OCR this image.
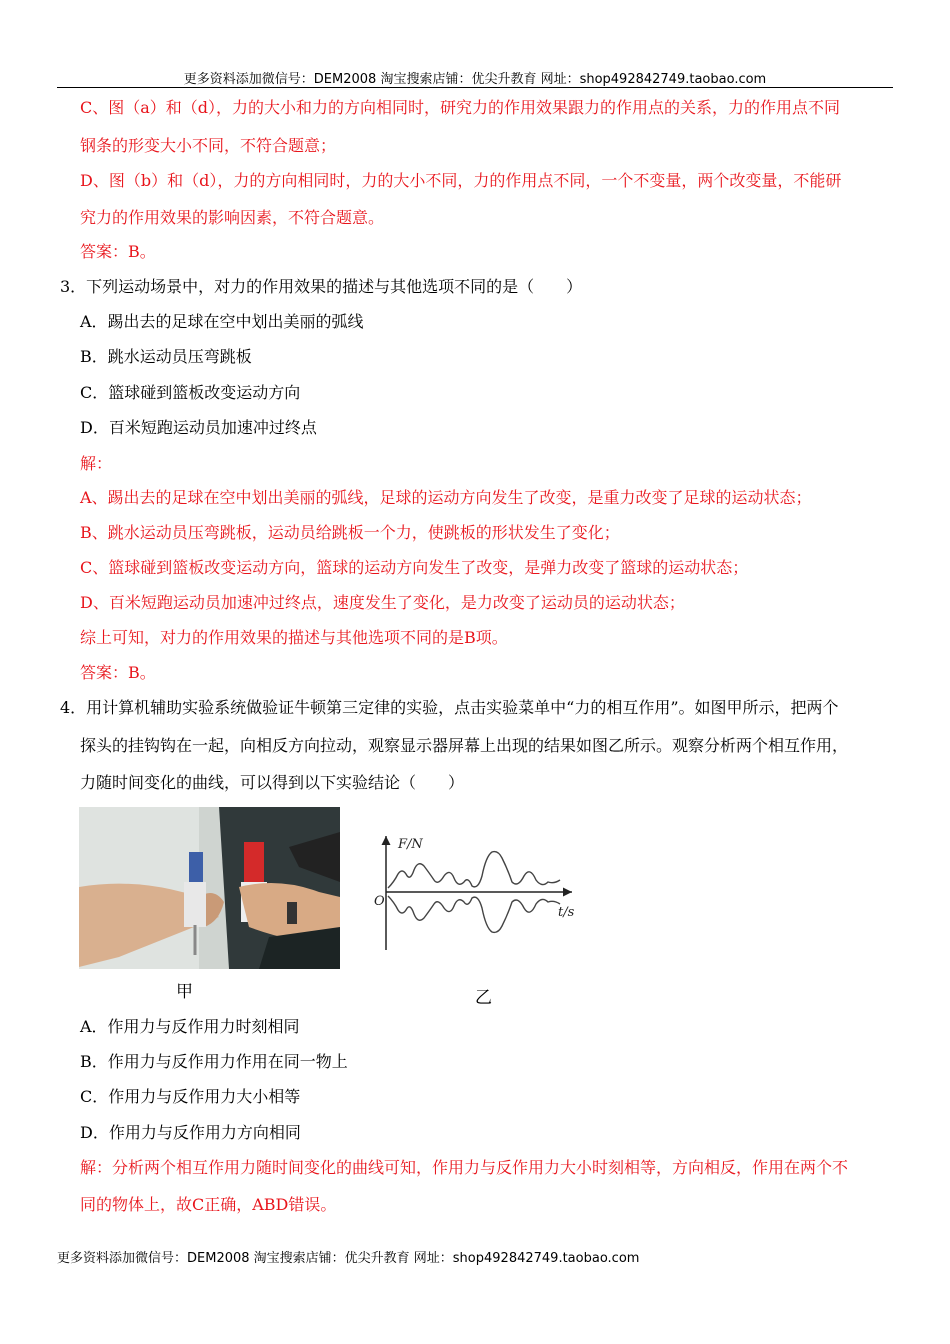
更多资料添加微信号：DEM2008 淘宝搜索店铺：优尖升教育 网址：shop492842749.taobao.com
C、图（a）和（d），力的大小和力的方向相同时，研究力的作用效果跟力的作用点的关系，力的作用点不同
钢条的形变大小不同，不符合题意；
D、图（b）和（d），力的方向相同时，力的大小不同，力的作用点不同，一个不变量，两个改变量，不能研
究力的作用效果的影响因素，不符合题意。
答案：B。
3．下列运动场景中，对力的作用效果的描述与其他选项不同的是（　　）
A．踢出去的足球在空中划出美丽的弧线
B．跳水运动员压弯跳板
C．篮球碰到篮板改变运动方向
D．百米短跑运动员加速冲过终点
解：
A、踢出去的足球在空中划出美丽的弧线，足球的运动方向发生了改变，是重力改变了足球的运动状态；
B、跳水运动员压弯跳板，运动员给跳板一个力，使跳板的形状发生了变化；
C、篮球碰到篮板改变运动方向，篮球的运动方向发生了改变，是弹力改变了篮球的运动状态；
D、百米短跑运动员加速冲过终点，速度发生了变化，是力改变了运动员的运动状态；
综上可知，对力的作用效果的描述与其他选项不同的是B项。
答案：B。
4．用计算机辅助实验系统做验证牛顿第三定律的实验，点击实验菜单中“力的相互作用”。如图甲所示，把两个
探头的挂钩钩在一起，向相反方向拉动，观察显示器屏幕上出现的结果如图乙所示。观察分析两个相互作用，
力随时间变化的曲线，可以得到以下实验结论（　　）
甲
F/N
t/s
O
乙
A．作用力与反作用力时刻相同
B．作用力与反作用力作用在同一物上
C．作用力与反作用力大小相等
D．作用力与反作用力方向相同
解：分析两个相互作用力随时间变化的曲线可知，作用力与反作用力大小时刻相等，方向相反，作用在两个不
同的物体上，故C正确，ABD错误。
更多资料添加微信号：DEM2008 淘宝搜索店铺：优尖升教育 网址：shop492842749.taobao.com
